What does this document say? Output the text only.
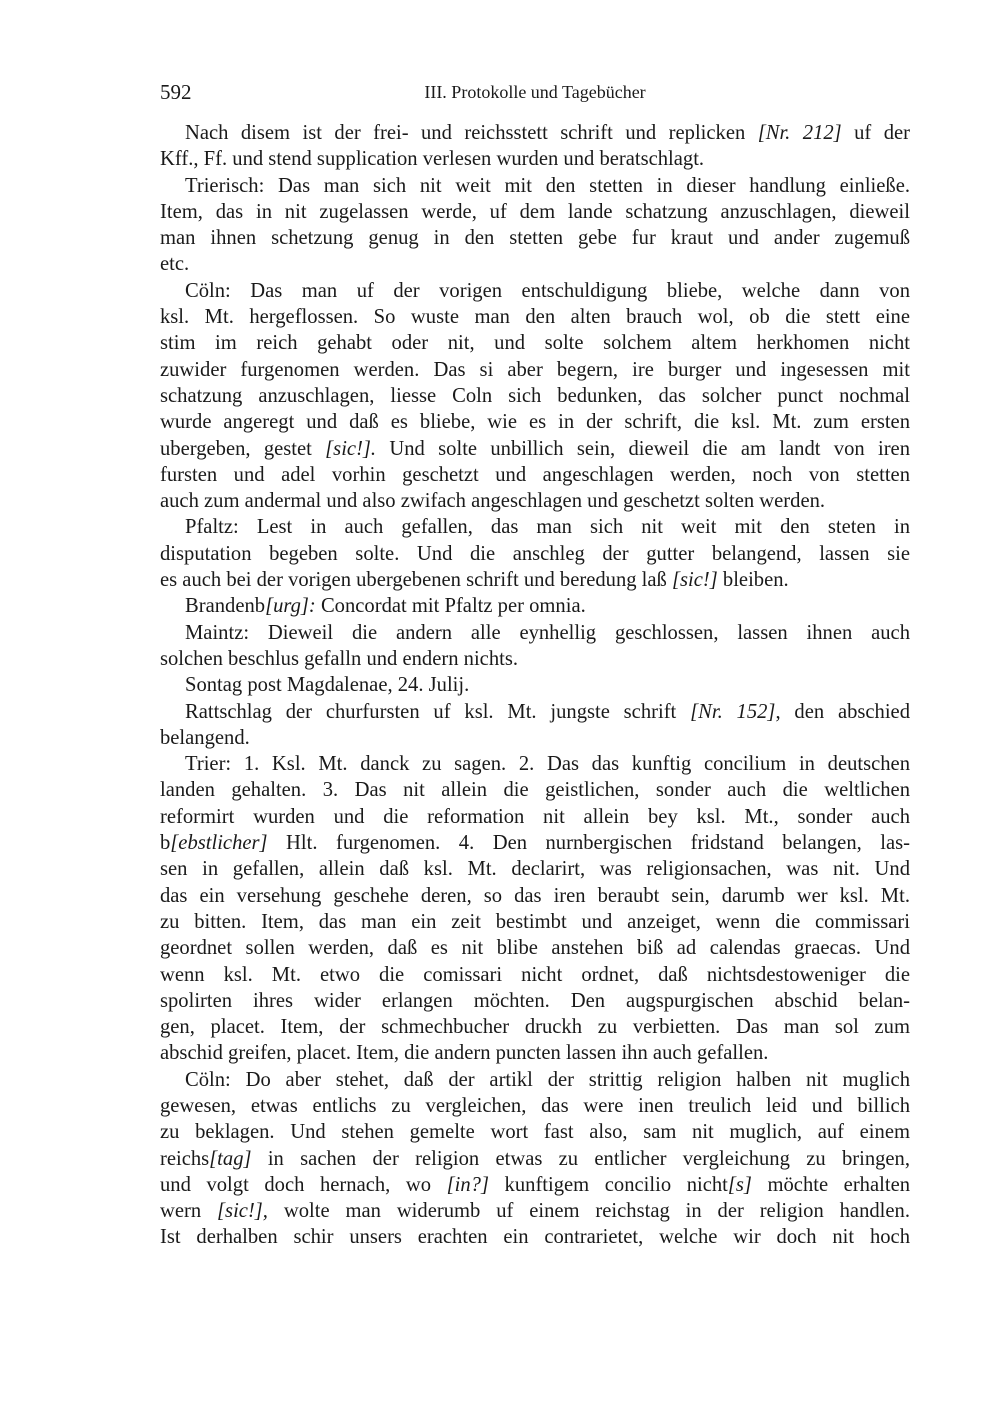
592	III. Protokolle und Tagebücher
Nach disem ist der frei- und reichsstett schrift und replicken [Nr. 212] uf der
Kff., Ff. und stend supplication verlesen wurden und beratschlagt.
Trierisch: Das man sich nit weit mit den stetten in dieser handlung einließe.
Item, das in nit zugelassen werde, uf dem lande schatzung anzuschlagen, dieweil
man ihnen schetzung genug in den stetten gebe fur kraut und ander zugemuß
etc.
Cöln: Das man uf der vorigen entschuldigung bliebe, welche dann von
ksl. Mt. hergeflossen. So wuste man den alten brauch wol, ob die stett eine
stim im reich gehabt oder nit, und solte solchem altem herkhomen nicht
zuwider furgenomen werden. Das si aber begern, ire burger und ingesessen mit
schatzung anzuschlagen, liesse Coln sich bedunken, das solcher punct nochmal
wurde angeregt und daß es bliebe, wie es in der schrift, die ksl. Mt. zum ersten
ubergeben, gestet [sic!]. Und solte unbillich sein, dieweil die am landt von iren
fursten und adel vorhin geschetzt und angeschlagen werden, noch von stetten
auch zum andermal und also zwifach angeschlagen und geschetzt solten werden.
Pfaltz: Lest in auch gefallen, das man sich nit weit mit den steten in
disputation begeben solte. Und die anschleg der gutter belangend, lassen sie
es auch bei der vorigen ubergebenen schrift und beredung laß [sic!] bleiben.
Brandenb[urg]: Concordat mit Pfaltz per omnia.
Maintz: Dieweil die andern alle eynhellig geschlossen, lassen ihnen auch
solchen beschlus gefalln und endern nichts.
Sontag post Magdalenae, 24. Julij.
Rattschlag der churfursten uf ksl. Mt. jungste schrift [Nr. 152], den abschied
belangend.
Trier: 1. Ksl. Mt. danck zu sagen. 2. Das das kunftig concilium in deutschen
landen gehalten. 3. Das nit allein die geistlichen, sonder auch die weltlichen
reformirt wurden und die reformation nit allein bey ksl. Mt., sonder auch
b[ebstlicher] Hlt. furgenomen. 4. Den nurnbergischen fridstand belangen, las-
sen in gefallen, allein daß ksl. Mt. declarirt, was religionsachen, was nit. Und
das ein versehung geschehe deren, so das iren beraubt sein, darumb wer ksl. Mt.
zu bitten. Item, das man ein zeit bestimbt und anzeiget, wenn die commissari
geordnet sollen werden, daß es nit blibe anstehen biß ad calendas graecas. Und
wenn ksl. Mt. etwo die comissari nicht ordnet, daß nichtsdestoweniger die
spolirten ihres wider erlangen möchten. Den augspurgischen abschid belan-
gen, placet. Item, der schmechbucher druckh zu verbietten. Das man sol zum
abschid greifen, placet. Item, die andern puncten lassen ihn auch gefallen.
Cöln: Do aber stehet, daß der artikl der strittig religion halben nit muglich
gewesen, etwas entlichs zu vergleichen, das were inen treulich leid und billich
zu beklagen. Und stehen gemelte wort fast also, sam nit muglich, auf einem
reichs[tag] in sachen der religion etwas zu entlicher vergleichung zu bringen,
und volgt doch hernach, wo [in?] kunftigem concilio nicht[s] möchte erhalten
wern [sic!], wolte man widerumb uf einem reichstag in der religion handlen.
Ist derhalben schir unsers erachten ein contrarietet, welche wir doch nit hoch
